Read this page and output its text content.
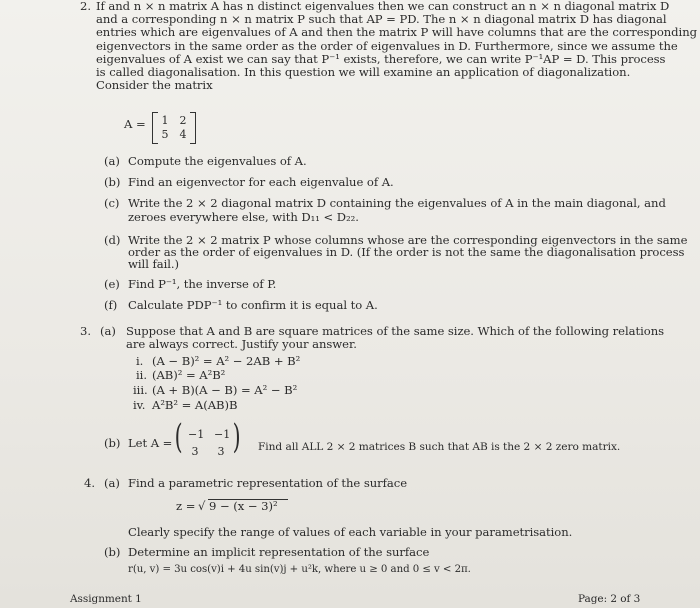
2. If and n × n matrix A has n distinct eigenvalues then we can construct an n × n diagonal matrix D
and a corresponding n × n matrix P such that AP = PD. The n × n diagonal matrix D has diagonal
entries which are eigenvalues of A and then the matrix P will have columns that are the corresponding
eigenvectors in the same order as the order of eigenvalues in D. Furthermore, since we assume the
eigenvalues of A exist we can say that P⁻¹ exists, therefore, we can write P⁻¹AP = D. This process
is called diagonalisation. In this question we will examine an application of diagonalization.
Consider the matrix
A =	1	2
5	4
(a) Compute the eigenvalues of A.
(b) Find an eigenvector for each eigenvalue of A.
(c) Write the 2 × 2 diagonal matrix D containing the eigenvalues of A in the main diagonal, and
zeroes everywhere else, with D₁₁ < D₂₂.
(d) Write the 2 × 2 matrix P whose columns whose are the corresponding eigenvectors in the same
order as the order of eigenvalues in D. (If the order is not the same the diagonalisation process
will fail.)
(e) Find P⁻¹, the inverse of P.
(f) Calculate PDP⁻¹ to confirm it is equal to A.
3. (a) Suppose that A and B are square matrices of the same size. Which of the following relations
are always correct. Justify your answer.
i. (A − B)² = A² − 2AB + B²
ii. (AB)² = A²B²
iii. (A + B)(A − B) = A² − B²
iv. A²B² = A(AB)B
(b) Let A = ( )
−1 −1
3	3	Find all ALL 2 × 2 matrices B such that AB is the 2 × 2 zero matrix.
4. (a) Find a parametric representation of the surface
z = √ 9 − (x − 3)²
Clearly specify the range of values of each variable in your parametrisation.
(b) Determine an implicit representation of the surface
r(u, v) = 3u cos(v)i + 4u sin(v)j + u²k, where u ≥ 0 and 0 ≤ v < 2π.
Assignment 1	Page: 2 of 3
